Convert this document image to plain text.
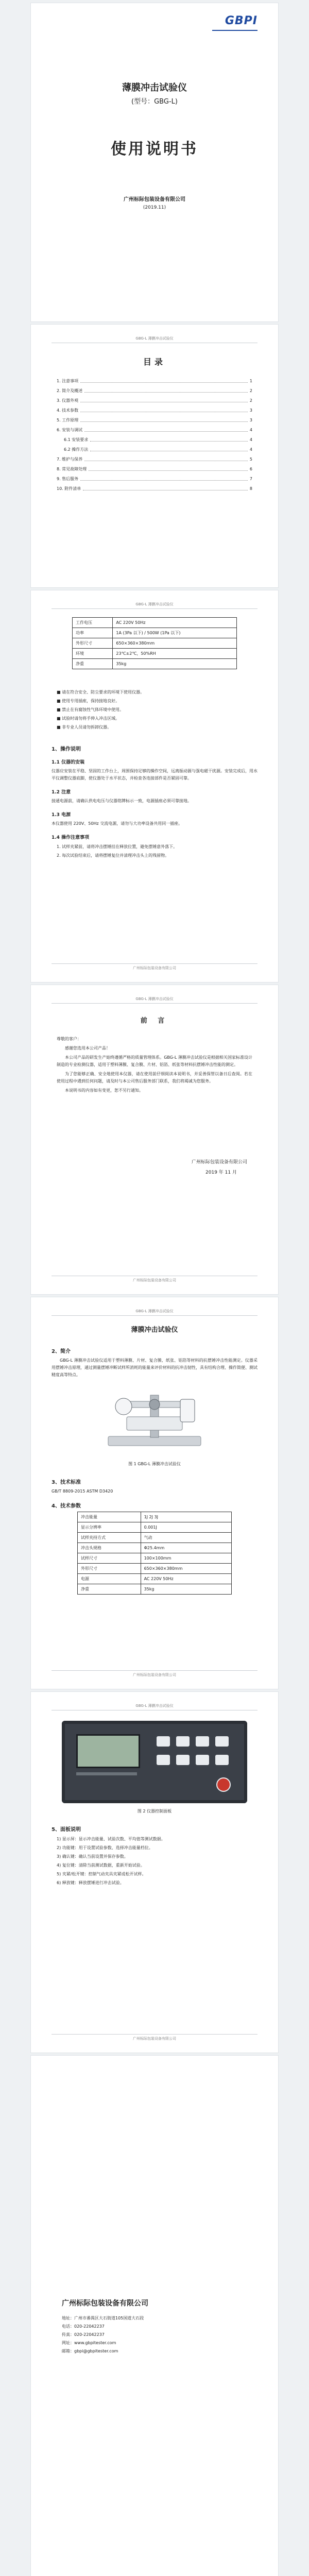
GBPI
薄膜冲击试验仪
(型号：GBG-L)
使用说明书
广州标际包装设备有限公司
(2019.11)
GBG-L 薄膜冲击试验仪
目录
1. 注意事项	1
2. 简介及概述	2
3. 仪器外观	2
4. 技术参数	3
5. 工作原理	3
6. 安装与调试	4
6.1 安装要求	4
6.2 操作方法	4
7. 维护与保养	5
8. 常见故障处理	6
9. 售后服务	7
10. 附件清单	8
GBG-L 薄膜冲击试验仪
工作电压	AC 220V 50Hz
功率	1A (3Pa 以下) / 500W (1Pa 以下)
外形尺寸	650×360×380mm
环境	23℃±2℃，50%RH
净重	35kg
■ 请在符合安全、防尘要求的环境下使用仪器。
■ 使用专用插座，保持接地良好。
■ 禁止在有腐蚀性气体环境中使用。
■ 试验时请勿将手伸入冲击区域。
■ 非专业人员请勿拆卸仪器。
1、操作说明
1.1 仪器的安装
仪器应安装在平稳、坚固的工作台上，周围保持足够的操作空间，远离振动源与强电磁干扰源。安装完成后，用水平仪调整仪器底脚，使仪器处于水平状态，并检查各连接部件是否紧固可靠。
1.2 注意
接通电源前，请确认供电电压与仪器铭牌标示一致，电源插座必须可靠接地。
1.3 电源
本仪器使用 220V、50Hz 交流电源，请勿与大功率设备共用同一插座。
1.4 操作注意事项
1. 试样夹紧前，请将冲击摆锤挂在释放位置，避免摆锤意外落下。
2. 每次试验结束后，请将摆锤复位并清理冲击头上的残留物。
广州标际包装设备有限公司
GBG-L 薄膜冲击试验仪
前 言
尊敬的客户：
感谢您选用本公司产品！
本公司产品的研发生产始终遵循严格的质量管理体系。GBG-L 薄膜冲击试验仪是根据相关国家标准设计制造的专业检测仪器，适用于塑料薄膜、复合膜、片材、铝箔、纸张等材料抗摆锤冲击性能的测定。
为了您能够正确、安全地使用本仪器，请在使用前仔细阅读本说明书，并妥善保管以备日后查阅。若在使用过程中遇到任何问题，请及时与本公司售后服务部门联系，我们将竭诚为您服务。
本说明书的内容如有变更，恕不另行通知。
广州标际包装设备有限公司
2019 年 11 月
广州标际包装设备有限公司
GBG-L 薄膜冲击试验仪
薄膜冲击试验仪
2、简介
GBG-L 薄膜冲击试验仪适用于塑料薄膜、片材、复合膜、纸张、铝箔等材料的抗摆锤冲击性能测定。仪器采用摆锤冲击原理，通过测量摆锤冲断试样所消耗的能量来评价材料的抗冲击韧性，具有结构合理、操作简便、测试精度高等特点。
图 1 GBG-L 薄膜冲击试验仪
3、技术标准
GB/T 8809-2015 ASTM D3420
4、技术参数
冲击能量	1J 2J 3J
显示分辨率	0.001J
试样夹持方式	气动
冲击头规格	Φ25.4mm
试样尺寸	100×100mm
外形尺寸	650×360×380mm
电源	AC 220V 50Hz
净重	35kg
广州标际包装设备有限公司
GBG-L 薄膜冲击试验仪
图 2 仪器控制面板
5、面板说明
1) 显示屏：显示冲击能量、试验次数、平均值等测试数据。
2) 功能键：用于设置试验参数、选择冲击能量档位。
3) 确认键：确认当前设置并保存参数。
4) 复位键：清除当前测试数据，重新开始试验。
5) 夹紧/松开键：控制气动夹具夹紧或松开试样。
6) 释放键：释放摆锤进行冲击试验。
广州标际包装设备有限公司
广州标际包装设备有限公司
地址：广州市番禺区大石街道105国道大石段
电话：020-22042237
传真：020-22042237
网址：www.gbpitester.com
邮箱：gbpi@gbpitester.com
